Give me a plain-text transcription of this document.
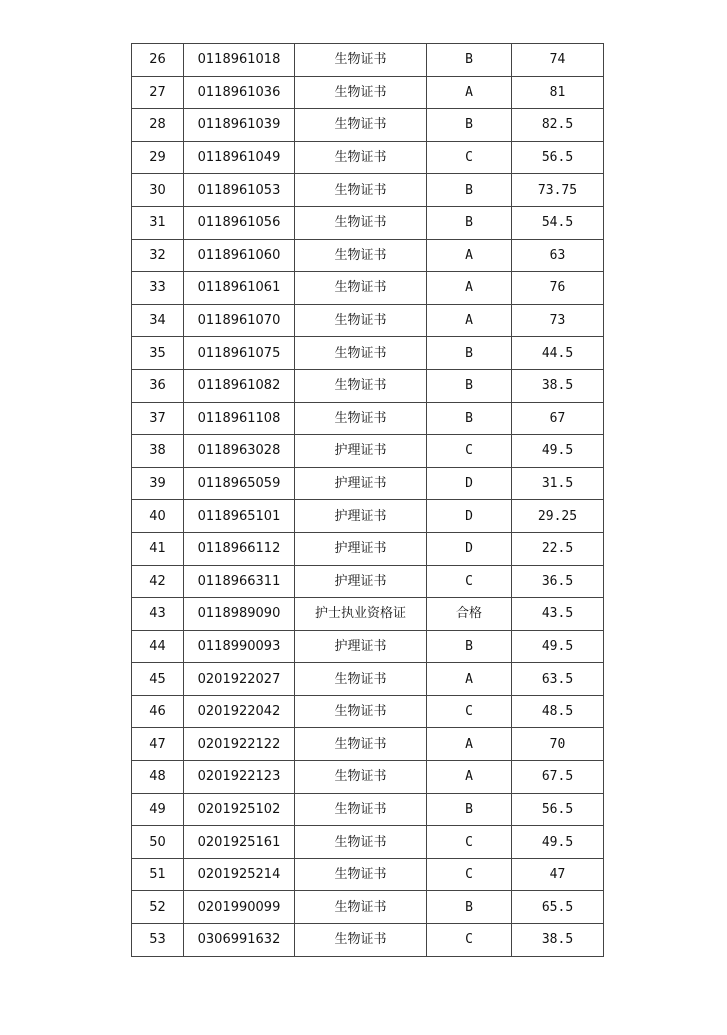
26	0118961018	生物证书	B	74
27	0118961036	生物证书	A	81
28	0118961039	生物证书	B	82.5
29	0118961049	生物证书	C	56.5
30	0118961053	生物证书	B	73.75
31	0118961056	生物证书	B	54.5
32	0118961060	生物证书	A	63
33	0118961061	生物证书	A	76
34	0118961070	生物证书	A	73
35	0118961075	生物证书	B	44.5
36	0118961082	生物证书	B	38.5
37	0118961108	生物证书	B	67
38	0118963028	护理证书	C	49.5
39	0118965059	护理证书	D	31.5
40	0118965101	护理证书	D	29.25
41	0118966112	护理证书	D	22.5
42	0118966311	护理证书	C	36.5
43	0118989090	护士执业资格证	合格	43.5
44	0118990093	护理证书	B	49.5
45	0201922027	生物证书	A	63.5
46	0201922042	生物证书	C	48.5
47	0201922122	生物证书	A	70
48	0201922123	生物证书	A	67.5
49	0201925102	生物证书	B	56.5
50	0201925161	生物证书	C	49.5
51	0201925214	生物证书	C	47
52	0201990099	生物证书	B	65.5
53	0306991632	生物证书	C	38.5
